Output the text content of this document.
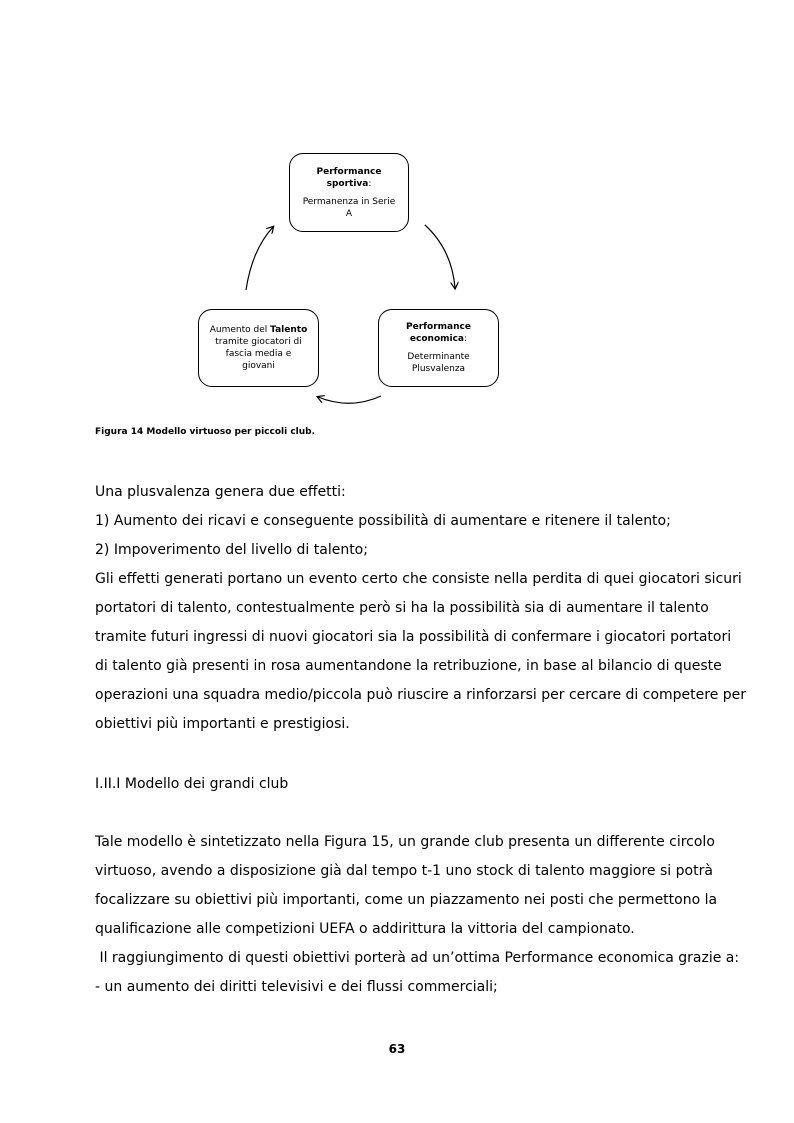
Performance
sportiva:
Permanenza in Serie
A
Performance
economica:
Determinante
Plusvalenza
Aumento del Talento
tramite giocatori di
fascia media e
giovani
Figura 14 Modello virtuoso per piccoli club.
Una plusvalenza genera due effetti:
1) Aumento dei ricavi e conseguente possibilità di aumentare e ritenere il talento;
2) Impoverimento del livello di talento;
Gli effetti generati portano un evento certo che consiste nella perdita di quei giocatori sicuri
portatori di talento, contestualmente però si ha la possibilità sia di aumentare il talento
tramite futuri ingressi di nuovi giocatori sia la possibilità di confermare i giocatori portatori
di talento già presenti in rosa aumentandone la retribuzione, in base al bilancio di queste
operazioni una squadra medio/piccola può riuscire a rinforzarsi per cercare di competere per
obiettivi più importanti e prestigiosi.
I.II.I Modello dei grandi club
Tale modello è sintetizzato nella Figura 15, un grande club presenta un differente circolo
virtuoso, avendo a disposizione già dal tempo t-1 uno stock di talento maggiore si potrà
focalizzare su obiettivi più importanti, come un piazzamento nei posti che permettono la
qualificazione alle competizioni UEFA o addirittura la vittoria del campionato.
Il raggiungimento di questi obiettivi porterà ad un’ottima Performance economica grazie a:
- un aumento dei diritti televisivi e dei flussi commerciali;
63
